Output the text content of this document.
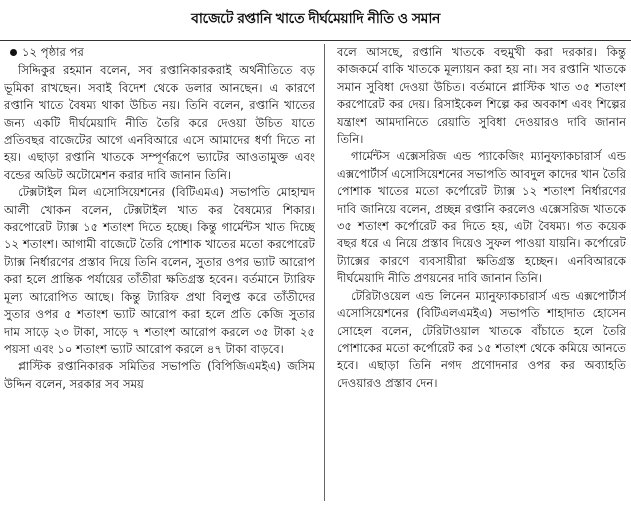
বাজেটে রপ্তানি খাতে দীর্ঘমেয়াদি নীতি ও সমান
১২ পৃষ্ঠার পর

সিদ্দিকুর রহমান বলেন, সব রপ্তানিকারকরাই অর্থনীতিতে বড় ভূমিকা রাখছেন। সবাই বিদেশ থেকে ডলার আনছেন। এ কারণে রপ্তানি খাতে বৈষম্য থাকা উচিত নয়। তিনি বলেন, রপ্তানি খাতের জন্য একটি দীর্ঘমেয়াদি নীতি তৈরি করে দেওয়া উচিত যাতে প্রতিবছর বাজেটের আগে এনবিআরে এসে আমাদের ধর্ণা দিতে না হয়। এছাড়া রপ্তানি খাতকে সম্পূর্ণরূপে ভ্যাটের আওতামুক্ত এবং বন্ডের অডিট অটোমেশন করার দাবি জানান তিনি।

টেক্সটাইল মিল এসোসিয়েশনের (বিটিএমএ) সভাপতি মোহাম্মদ আলী খোকন বলেন, টেক্সটাইল খাত কর বৈষম্যের শিকার। করপোরেট ট্যাক্স ১৫ শতাংশ দিতে হচ্ছে। কিন্তু গার্মেন্টস খাত দিচ্ছে ১২ শতাংশ। আগামী বাজেটে তৈরি পোশাক খাতের মতো করপোরেট ট্যাক্স নির্ধারণের প্রস্তাব দিয়ে তিনি বলেন, সুতার ওপর ভ্যাট আরোপ করা হলে প্রান্তিক পর্যায়ের তাঁতীরা ক্ষতিগ্রস্ত হবেন। বর্তমানে ট্যারিফ মূল্য আরোপিত আছে। কিন্তু ট্যারিফ প্রথা বিলুপ্ত করে তাঁতীদের সুতার ওপর ৫ শতাংশ ভ্যাট আরোপ করা হলে প্রতি কেজি সুতার দাম সাড়ে ২৩ টাকা, সাড়ে ৭ শতাংশ আরোপ করলে ৩৫ টাকা ২৫ পয়সা এবং ১০ শতাংশ ভ্যাট আরোপ করলে ৪৭ টাকা বাড়বে।

প্লাস্টিক রপ্তানিকারক সমিতির সভাপতি (বিপিজিএমইএ) জসিম উদ্দিন বলেন, সরকার সব সময়

বলে আসছে, রপ্তানি খাতকে বহুমুখী করা দরকার। কিন্তু কাজকর্মে বাকি খাতকে মূল্যায়ন করা হয় না। সব রপ্তানি খাতকে সমান সুবিধা দেওয়া উচিত। বর্তমানে প্লাস্টিক খাত ৩৫ শতাংশ করপোরেট কর দেয়। রিসাইকেল শিল্পে কর অবকাশ এবং শিল্পের যন্ত্রাংশ আমদানিতে রেয়াতি সুবিধা দেওয়ারও দাবি জানান তিনি।

গার্মেন্টস এক্সেসরিজ এন্ড প্যাকেজিং ম্যানুফ্যাকচারার্স এন্ড এক্সপোর্টার্স এসোসিয়েশনের সভাপতি আবদুল কাদের খান তৈরি পোশাক খাতের মতো কর্পোরেট ট্যাক্স ১২ শতাংশ নির্ধারণের দাবি জানিয়ে বলেন, প্রচ্ছন্ন রপ্তানি করলেও এক্সেসরিজ খাতকে ৩৫ শতাংশ কর্পোরেট কর দিতে হয়, এটা বৈষম্য। গত কয়েক বছর ধরে এ নিয়ে প্রস্তাব দিয়েও সুফল পাওয়া যায়নি। কর্পোরেট ট্যাক্সের কারণে ব্যবসায়ীরা ক্ষতিগ্রস্ত হচ্ছেন। এনবিআরকে দীর্ঘমেয়াদি নীতি প্রণয়নের দাবি জানান তিনি।

টেরিটাওয়েল এন্ড লিনেন ম্যানুফ্যাকচারার্স এন্ড এক্সপোর্টার্স এসোসিয়েশনের (বিটিএলএমইএ) সভাপতি শাহাদাত হোসেন সোহেল বলেন, টেরিটাওয়াল খাতকে বাঁচাতে হলে তৈরি পোশাকের মতো কর্পোরেট কর ১৫ শতাংশ থেকে কমিয়ে আনতে হবে। এছাড়া তিনি নগদ প্রণোদনার ওপর কর অব্যাহতি দেওয়ারও প্রস্তাব দেন।
